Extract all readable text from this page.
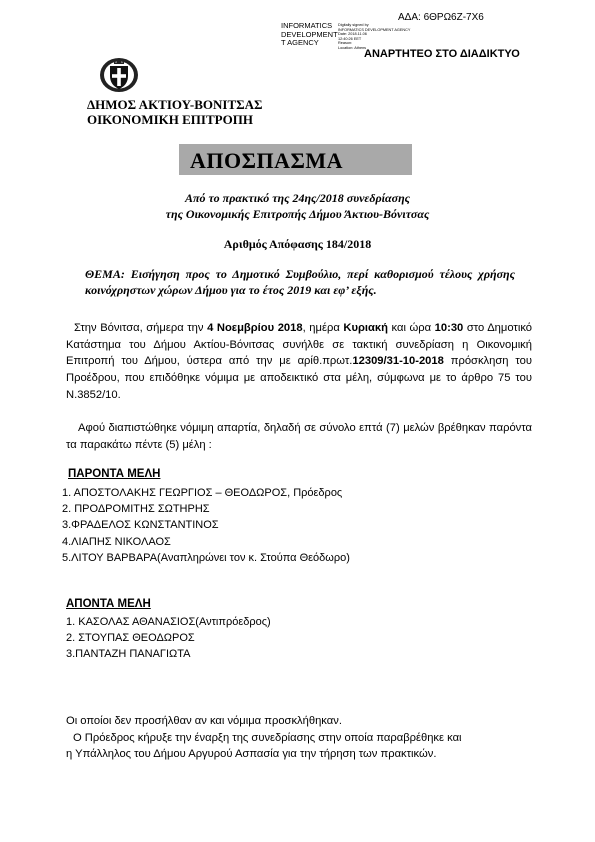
ΑΔΑ: 6ΘΡΩ6Ζ-7Χ6
INFORMATICS
DEVELOPMENT
T AGENCY
Digitally signed by
INFORMATICS DEVELOPMENT AGENCY
Date: 2018.11.06
12:40:26 EET
Reason:
Location: Athens
ΑΝΑΡΤΗΤΕΟ ΣΤΟ ΔΙΑΔΙΚΤΥΟ
ΔΗΜΟΣ ΑΚΤΙΟΥ-ΒΟΝΙΤΣΑΣ
ΟΙΚΟΝΟΜΙΚΗ ΕΠΙΤΡΟΠΗ
ΑΠΟΣΠΑΣΜΑ
Από το πρακτικό της 24ης/2018 συνεδρίασης
της Οικονομικής Επιτροπής Δήμου Άκτιου-Βόνιτσας
Αριθμός Απόφασης 184/2018
ΘΕΜΑ: Εισήγηση προς το Δημοτικό Συμβούλιο, περί καθορισμού τέλους χρήσης κοινόχρηστων χώρων Δήμου για το έτος 2019 και εφ’ εξής.
Στην Βόνιτσα, σήμερα την 4 Νοεμβρίου 2018, ημέρα Κυριακή και ώρα 10:30 στο Δημοτικό Κατάστημα του Δήμου Ακτίου-Βόνιτσας συνήλθε σε τακτική συνεδρίαση η Οικονομική Επιτροπή του Δήμου, ύστερα από την με αρίθ.πρωτ.12309/31-10-2018 πρόσκληση του Προέδρου, που επιδόθηκε νόμιμα με αποδεικτικό στα μέλη, σύμφωνα με το άρθρο 75 του Ν.3852/10.
Αφού διαπιστώθηκε νόμιμη απαρτία, δηλαδή σε σύνολο επτά (7) μελών βρέθηκαν παρόντα τα παρακάτω πέντε (5) μέλη :
ΠΑΡΟΝΤΑ ΜΕΛΗ
1. ΑΠΟΣΤΟΛΑΚΗΣ ΓΕΩΡΓΙΟΣ – ΘΕΟΔΩΡΟΣ, Πρόεδρος
2. ΠΡΟΔΡΟΜΙΤΗΣ ΣΩΤΗΡΗΣ
3.ΦΡΑΔΕΛΟΣ ΚΩΝΣΤΑΝΤΙΝΟΣ
4.ΛΙΑΠΗΣ ΝΙΚΟΛΑΟΣ
5.ΛΙΤΟΥ ΒΑΡΒΑΡΑ(Αναπληρώνει τον κ. Στούπα Θεόδωρο)
ΑΠΟΝΤΑ ΜΕΛΗ
1. ΚΑΣΟΛΑΣ ΑΘΑΝΑΣΙΟΣ(Αντιπρόεδρος)
2. ΣΤΟΥΠΑΣ ΘΕΟΔΩΡΟΣ
3.ΠΑΝΤΑΖΗ ΠΑΝΑΓΙΩΤΑ
Οι οποίοι δεν προσήλθαν αν και νόμιμα προσκλήθηκαν.
Ο Πρόεδρος κήρυξε την έναρξη της συνεδρίασης στην οποία παραβρέθηκε και
η Υπάλληλος του Δήμου Αργυρού Ασπασία για την τήρηση των πρακτικών.
